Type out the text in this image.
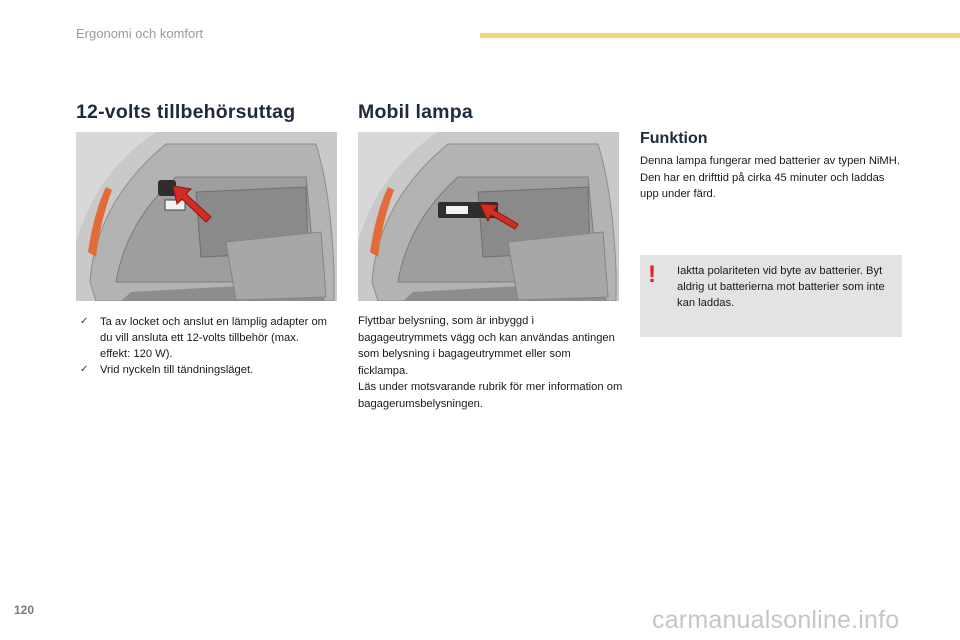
Ergonomi och komfort
12-volts tillbehörsuttag
✓ Ta av locket och anslut en lämplig adapter om du vill ansluta ett 12-volts tillbehör (max. effekt: 120 W).
✓ Vrid nyckeln till tändningsläget.
Mobil lampa
Flyttbar belysning, som är inbyggd i bagageutrymmets vägg och kan användas antingen som belysning i bagageutrymmet eller som ficklampa.
Läs under motsvarande rubrik för mer information om bagagerumsbelysningen.
Funktion
Denna lampa fungerar med batterier av typen NiMH.
Den har en drifttid på cirka 45 minuter och laddas upp under färd.
! Iaktta polariteten vid byte av batterier. Byt aldrig ut batterierna mot batterier som inte kan laddas.
120	carmanualsonline.info
